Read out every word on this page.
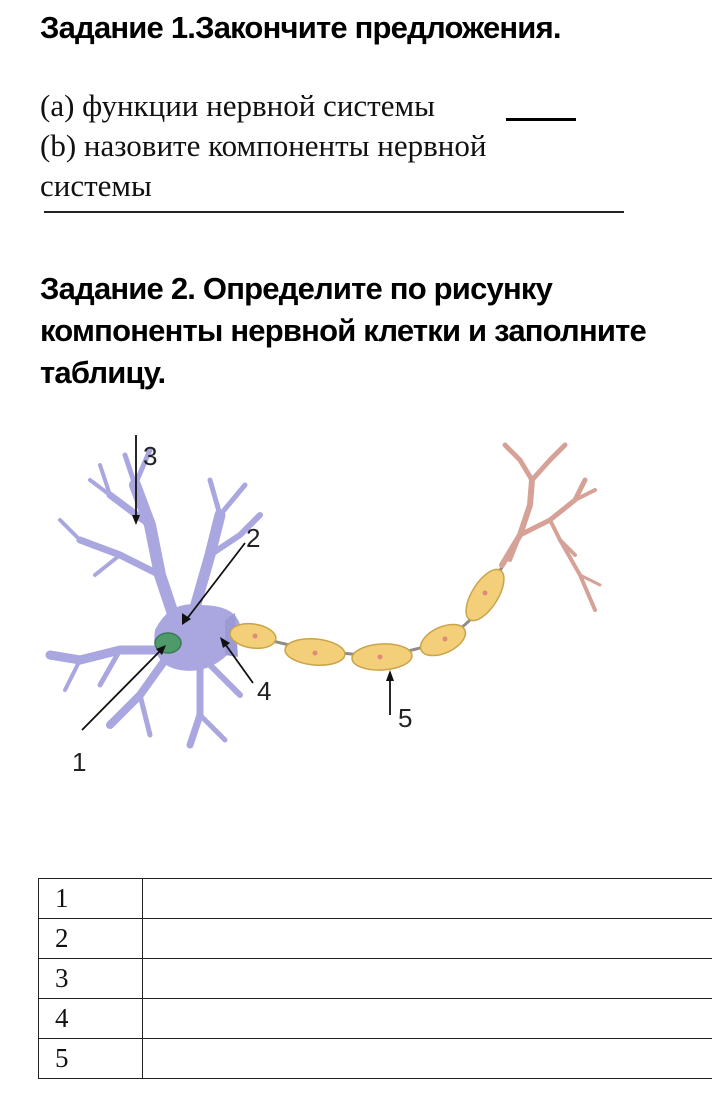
Задание 1.Закончите предложения.

(a) функции нервной системы

(b) назовите компоненты нервной системы

Задание 2. Определите по рисунку компоненты нервной клетки и заполните таблицу.
3
2
4
1
5
1	
2	
3	
4	
5	
